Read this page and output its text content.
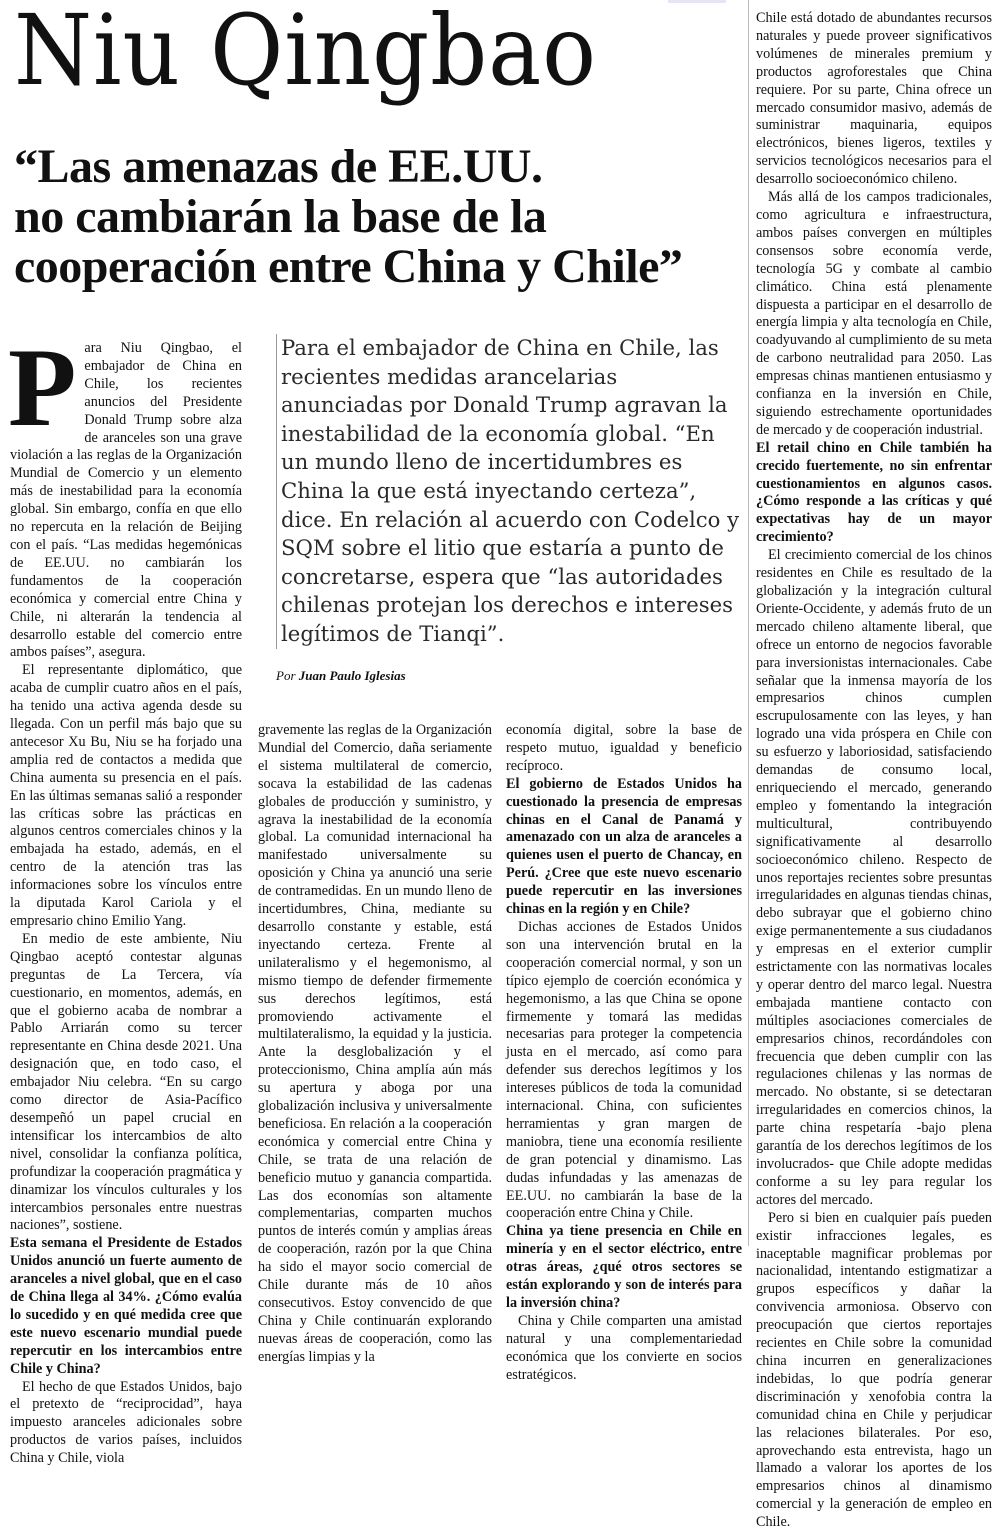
Niu Qingbao
“Las amenazas de EE.UU.
no cambiarán la base de la
cooperación entre China y Chile”
Para el embajador de China en Chile, las recientes medidas arancelarias anunciadas por Donald Trump agravan la inestabilidad de la economía global. “En un mundo lleno de incertidumbres es China la que está inyectando certeza”, dice. En relación al acuerdo con Codelco y SQM sobre el litio que estaría a punto de concretarse, espera que “las autoridades chilenas protejan los derechos e intereses legítimos de Tianqi”.
Por Juan Paulo Iglesias

Para Niu Qingbao, el embajador de China en Chile, los recientes anuncios del Presidente Donald Trump sobre alza de aranceles son una grave violación a las reglas de la Organización Mundial de Comercio y un elemento más de inestabilidad para la economía global. Sin embargo, confía en que ello no repercuta en la relación de Beijing con el país. “Las medidas hegemónicas de EE.UU. no cambiarán los fundamentos de la cooperación económica y comercial entre China y Chile, ni alterarán la tendencia al desarrollo estable del comercio entre ambos países”, asegura.

El representante diplomático, que acaba de cumplir cuatro años en el país, ha tenido una activa agenda desde su llegada. Con un perfil más bajo que su antecesor Xu Bu, Niu se ha forjado una amplia red de contactos a medida que China aumenta su presencia en el país. En las últimas semanas salió a responder las críticas sobre las prácticas en algunos centros comerciales chinos y la embajada ha estado, además, en el centro de la atención tras las informaciones sobre los vínculos entre la diputada Karol Cariola y el empresario chino Emilio Yang.

En medio de este ambiente, Niu Qingbao aceptó contestar algunas preguntas de La Tercera, vía cuestionario, en momentos, además, en que el gobierno acaba de nombrar a Pablo Arriarán como su tercer representante en China desde 2021. Una designación que, en todo caso, el embajador Niu celebra. “En su cargo como director de Asia-Pacífico desempeñó un papel crucial en intensificar los intercambios de alto nivel, consolidar la confianza política, profundizar la cooperación pragmática y dinamizar los vínculos culturales y los intercambios personales entre nuestras naciones”, sostiene.

Esta semana el Presidente de Estados Unidos anunció un fuerte aumento de aranceles a nivel global, que en el caso de China llega al 34%. ¿Cómo evalúa lo sucedido y en qué medida cree que este nuevo escenario mundial puede repercutir en los intercambios entre Chile y China?

El hecho de que Estados Unidos, bajo el pretexto de “reciprocidad”, haya impuesto aranceles adicionales sobre productos de varios países, incluidos China y Chile, viola

gravemente las reglas de la Organización Mundial del Comercio, daña seriamente el sistema multilateral de comercio, socava la estabilidad de las cadenas globales de producción y suministro, y agrava la inestabilidad de la economía global. La comunidad internacional ha manifestado universalmente su oposición y China ya anunció una serie de contramedidas. En un mundo lleno de incertidumbres, China, mediante su desarrollo constante y estable, está inyectando certeza. Frente al unilateralismo y el hegemonismo, al mismo tiempo de defender firmemente sus derechos legítimos, está promoviendo activamente el multilateralismo, la equidad y la justicia. Ante la desglobalización y el proteccionismo, China amplía aún más su apertura y aboga por una globalización inclusiva y universalmente beneficiosa. En relación a la cooperación económica y comercial entre China y Chile, se trata de una relación de beneficio mutuo y ganancia compartida. Las dos economías son altamente complementarias, comparten muchos puntos de interés común y amplias áreas de cooperación, razón por la que China ha sido el mayor socio comercial de Chile durante más de 10 años consecutivos. Estoy convencido de que China y Chile continuarán explorando nuevas áreas de cooperación, como las energías limpias y la

economía digital, sobre la base de respeto mutuo, igualdad y beneficio recíproco.

El gobierno de Estados Unidos ha cuestionado la presencia de empresas chinas en el Canal de Panamá y amenazado con un alza de aranceles a quienes usen el puerto de Chancay, en Perú. ¿Cree que este nuevo escenario puede repercutir en las inversiones chinas en la región y en Chile?

Dichas acciones de Estados Unidos son una intervención brutal en la cooperación comercial normal, y son un típico ejemplo de coerción económica y hegemonismo, a las que China se opone firmemente y tomará las medidas necesarias para proteger la competencia justa en el mercado, así como para defender sus derechos legítimos y los intereses públicos de toda la comunidad internacional. China, con suficientes herramientas y gran margen de maniobra, tiene una economía resiliente de gran potencial y dinamismo. Las dudas infundadas y las amenazas de EE.UU. no cambiarán la base de la cooperación entre China y Chile.

China ya tiene presencia en Chile en minería y en el sector eléctrico, entre otras áreas, ¿qué otros sectores se están explorando y son de interés para la inversión china?

China y Chile comparten una amistad natural y una complementariedad económica que los convierte en socios estratégicos.

Chile está dotado de abundantes recursos naturales y puede proveer significativos volúmenes de minerales premium y productos agroforestales que China requiere. Por su parte, China ofrece un mercado consumidor masivo, además de suministrar maquinaria, equipos electrónicos, bienes ligeros, textiles y servicios tecnológicos necesarios para el desarrollo socioeconómico chileno.

Más allá de los campos tradicionales, como agricultura e infraestructura, ambos países convergen en múltiples consensos sobre economía verde, tecnología 5G y combate al cambio climático. China está plenamente dispuesta a participar en el desarrollo de energía limpia y alta tecnología en Chile, coadyuvando al cumplimiento de su meta de carbono neutralidad para 2050. Las empresas chinas mantienen entusiasmo y confianza en la inversión en Chile, siguiendo estrechamente oportunidades de mercado y de cooperación industrial.

El retail chino en Chile también ha crecido fuertemente, no sin enfrentar cuestionamientos en algunos casos. ¿Cómo responde a las críticas y qué expectativas hay de un mayor crecimiento?

El crecimiento comercial de los chinos residentes en Chile es resultado de la globalización y la integración cultural Oriente-Occidente, y además fruto de un mercado chileno altamente liberal, que ofrece un entorno de negocios favorable para inversionistas internacionales. Cabe señalar que la inmensa mayoría de los empresarios chinos cumplen escrupulosamente con las leyes, y han logrado una vida próspera en Chile con su esfuerzo y laboriosidad, satisfaciendo demandas de consumo local, enriqueciendo el mercado, generando empleo y fomentando la integración multicultural, contribuyendo significativamente al desarrollo socioeconómico chileno. Respecto de unos reportajes recientes sobre presuntas irregularidades en algunas tiendas chinas, debo subrayar que el gobierno chino exige permanentemente a sus ciudadanos y empresas en el exterior cumplir estrictamente con las normativas locales y operar dentro del marco legal. Nuestra embajada mantiene contacto con múltiples asociaciones comerciales de empresarios chinos, recordándoles con frecuencia que deben cumplir con las regulaciones chilenas y las normas de mercado. No obstante, si se detectaran irregularidades en comercios chinos, la parte china respetaría -bajo plena garantía de los derechos legítimos de los involucrados- que Chile adopte medidas conforme a su ley para regular los actores del mercado.

Pero si bien en cualquier país pueden existir infracciones legales, es inaceptable magnificar problemas por nacionalidad, intentando estigmatizar a grupos específicos y dañar la convivencia armoniosa. Observo con preocupación que ciertos reportajes recientes en Chile sobre la comunidad china incurren en generalizaciones indebidas, lo que podría generar discriminación y xenofobia contra la comunidad china en Chile y perjudicar las relaciones bilaterales. Por eso, aprovechando esta entrevista, hago un llamado a valorar los aportes de los empresarios chinos al dinamismo comercial y la generación de empleo en Chile.
